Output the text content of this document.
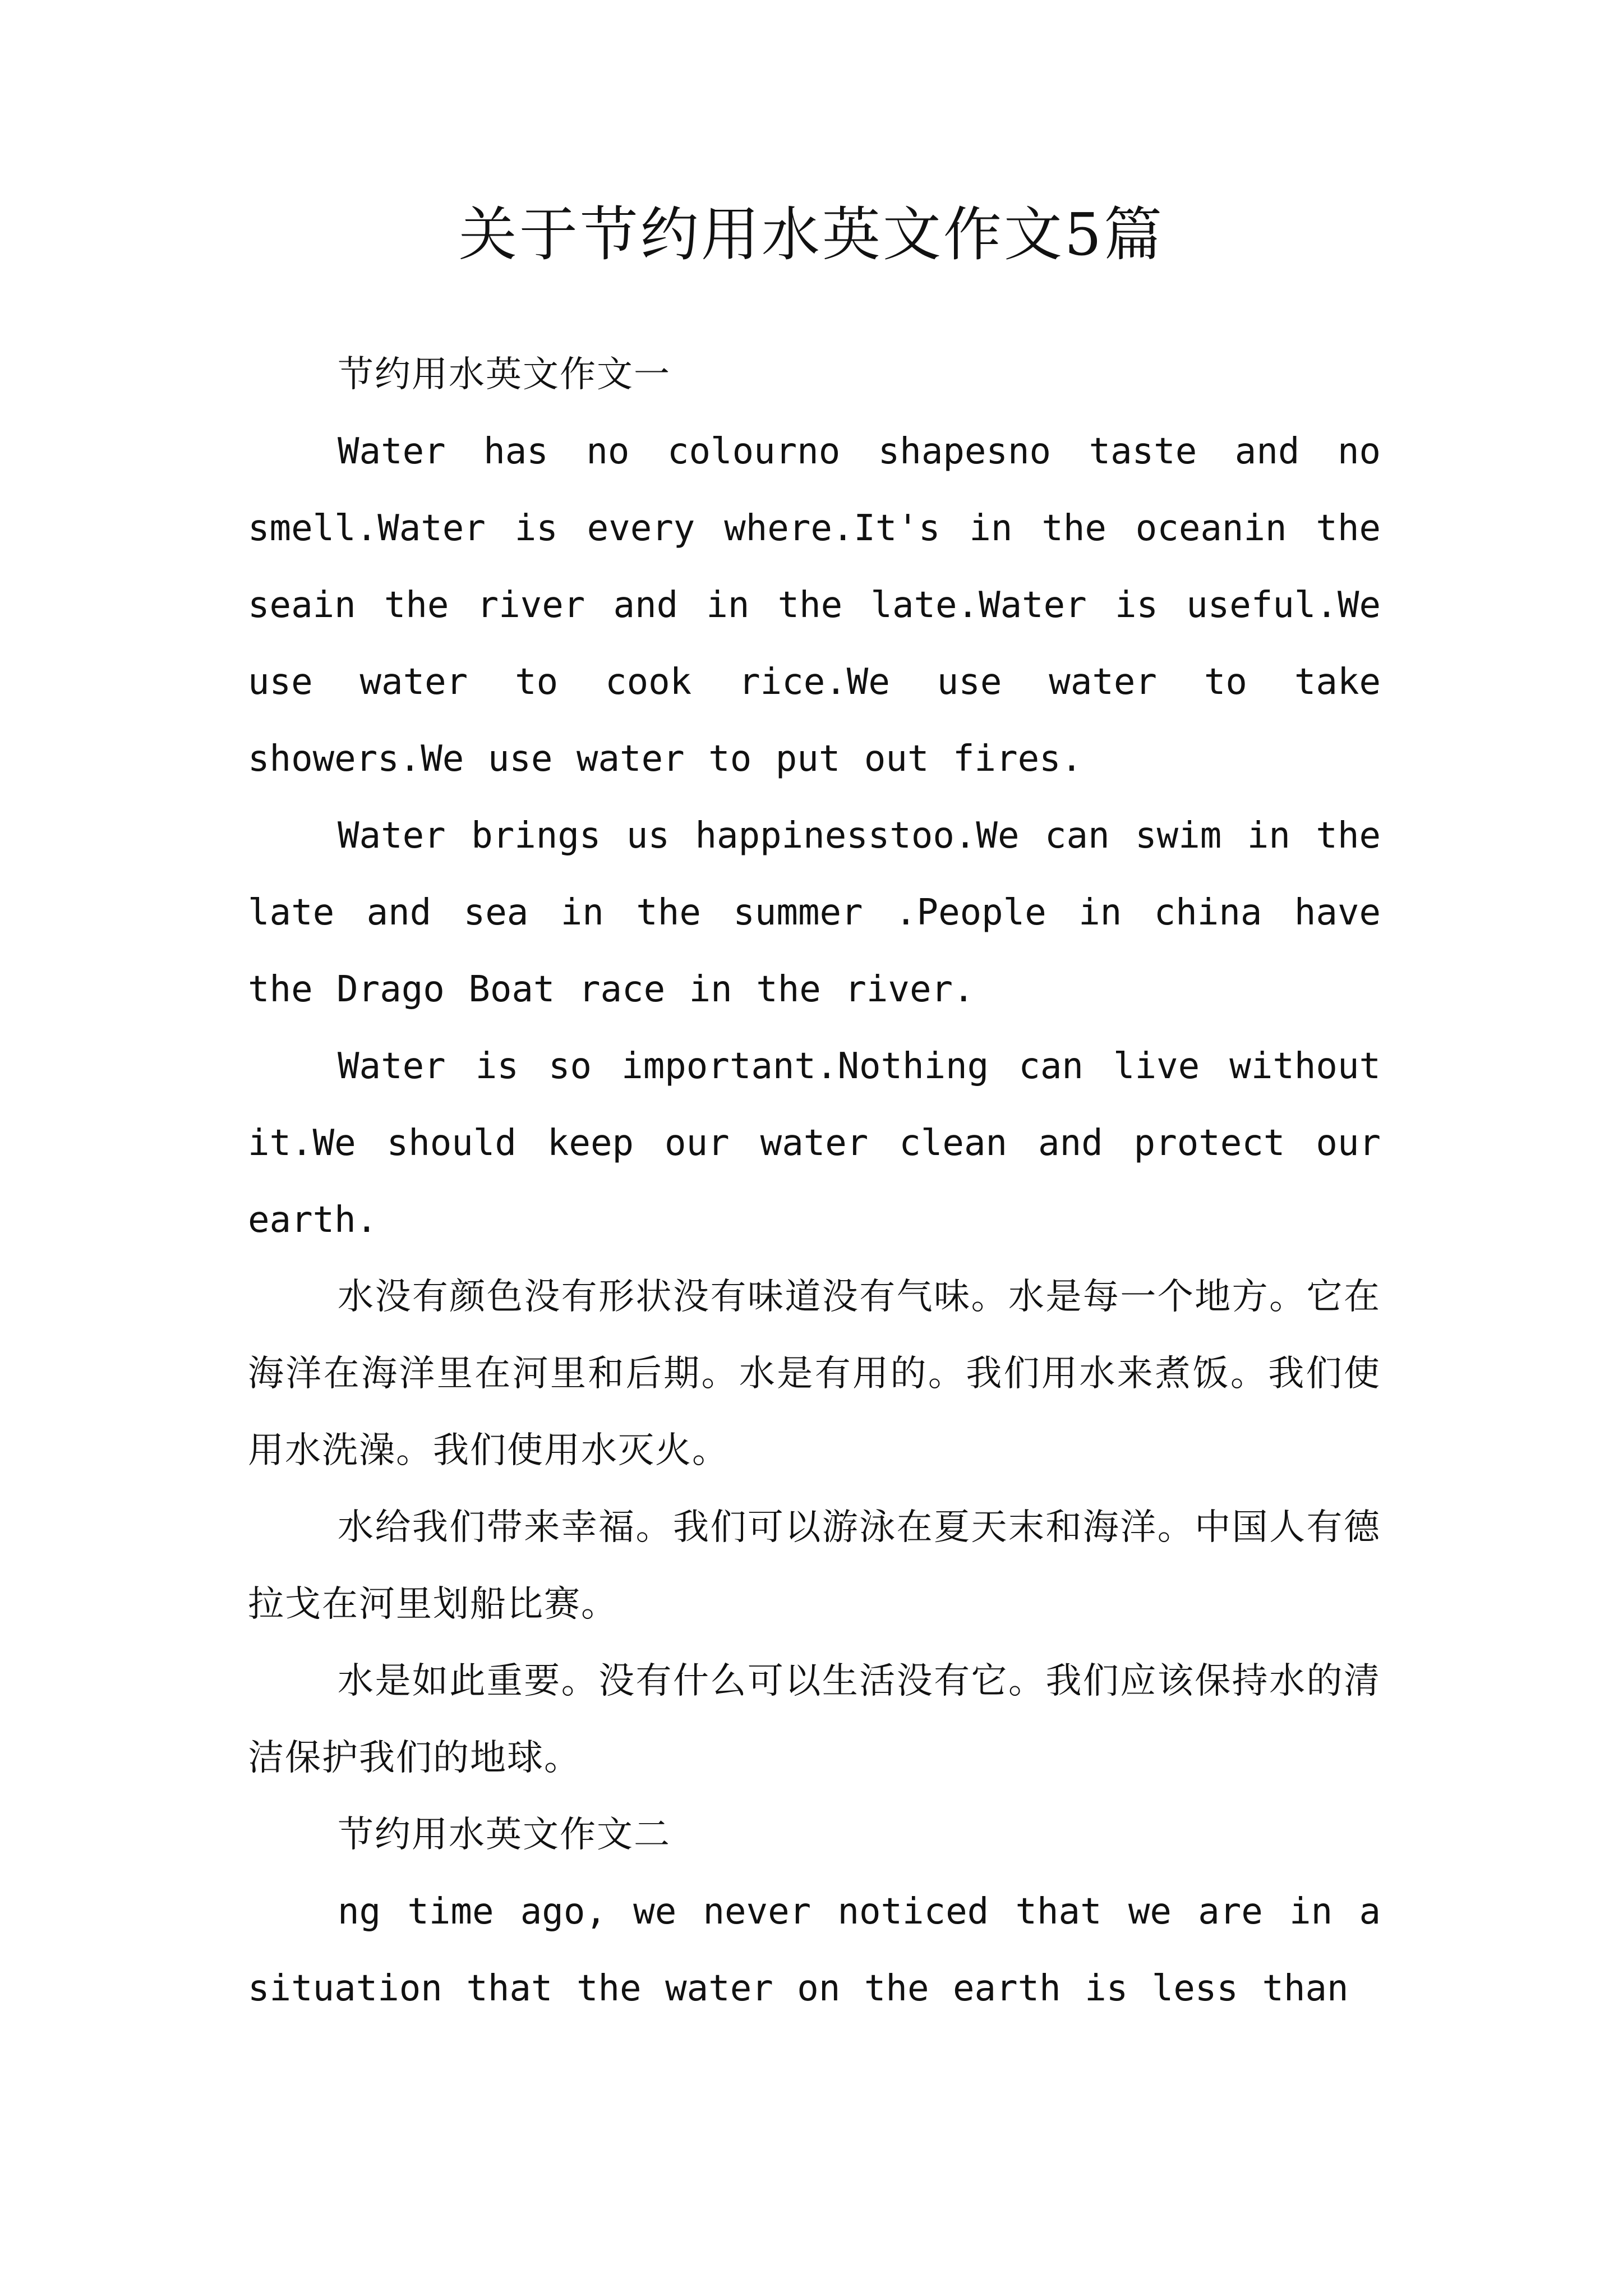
关于节约用水英文作文5篇

节约用水英文作文一

Water has no colourno shapesno taste and no smell.Water is every where.It's in the oceanin the seain the river and in the late.Water is useful.We use water to cook rice.We use water to take showers.We use water to put out fires.

Water brings us happinesstoo.We can swim in the late and sea in the summer .People in china have the Drago Boat race in the river.

Water is so important.Nothing can live without it.We should keep our water clean and protect our earth.

水没有颜色没有形状没有味道没有气味。水是每一个地方。它在海洋在海洋里在河里和后期。水是有用的。我们用水来煮饭。我们使用水洗澡。我们使用水灭火。

水给我们带来幸福。我们可以游泳在夏天末和海洋。中国人有德拉戈在河里划船比赛。

水是如此重要。没有什么可以生活没有它。我们应该保持水的清洁保护我们的地球。

节约用水英文作文二

ng time ago, we never noticed that we are in a situation that the water on the earth is less than
